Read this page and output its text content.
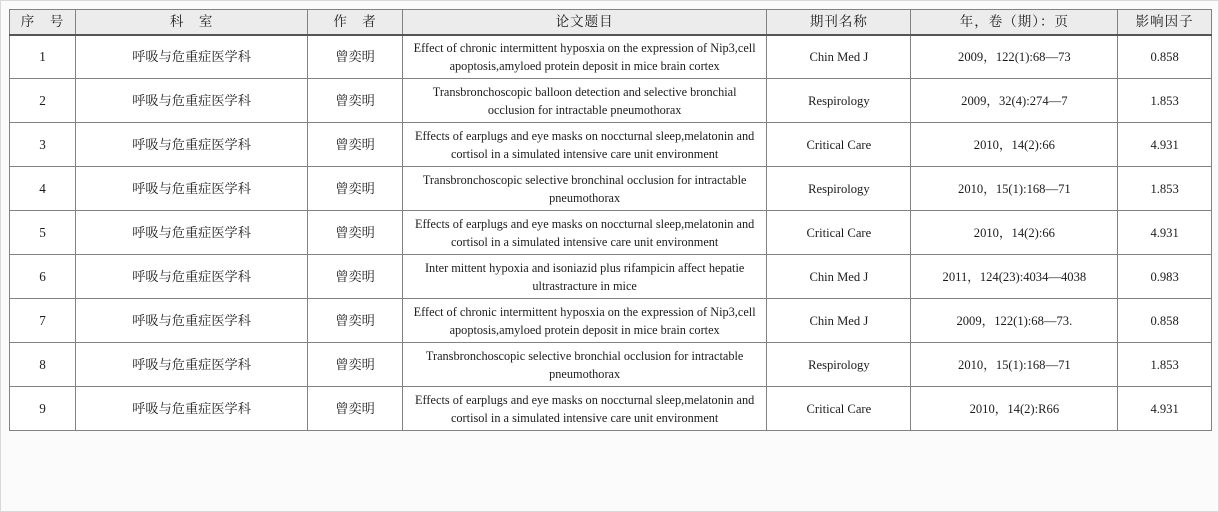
序　号	科　室	作　者	论文题目	期刊名称	年，卷（期）：页	影响因子
1	呼吸与危重症医学科	曾奕明	Effect of chronic intermittent hyposxia on the expression of Nip3,cell apoptosis,amyloed protein deposit in mice brain cortex	Chin Med J	2009，122(1):68—73	0.858
2	呼吸与危重症医学科	曾奕明	Transbronchoscopic balloon detection and selective bronchial occlusion for intractable pneumothorax	Respirology	2009，32(4):274—7	1.853
3	呼吸与危重症医学科	曾奕明	Effects of earplugs and eye masks on noccturnal sleep,melatonin and cortisol in a simulated intensive care unit environment	Critical Care	2010，14(2):66	4.931
4	呼吸与危重症医学科	曾奕明	Transbronchoscopic selective bronchinal occlusion for intractable pneumothorax	Respirology	2010，15(1):168—71	1.853
5	呼吸与危重症医学科	曾奕明	Effects of earplugs and eye masks on noccturnal sleep,melatonin and cortisol in a simulated intensive care unit environment	Critical Care	2010，14(2):66	4.931
6	呼吸与危重症医学科	曾奕明	Inter mittent hypoxia and isoniazid plus rifampicin affect hepatie ultrastracture in mice	Chin Med J	2011，124(23):4034—4038	0.983
7	呼吸与危重症医学科	曾奕明	Effect of chronic intermittent hyposxia on the expression of Nip3,cell apoptosis,amyloed protein deposit in mice brain cortex	Chin Med J	2009，122(1):68—73.	0.858
8	呼吸与危重症医学科	曾奕明	Transbronchoscopic selective bronchial occlusion for intractable pneumothorax	Respirology	2010，15(1):168—71	1.853
9	呼吸与危重症医学科	曾奕明	Effects of earplugs and eye masks on noccturnal sleep,melatonin and cortisol in a simulated intensive care unit environment	Critical Care	2010，14(2):R66	4.931
